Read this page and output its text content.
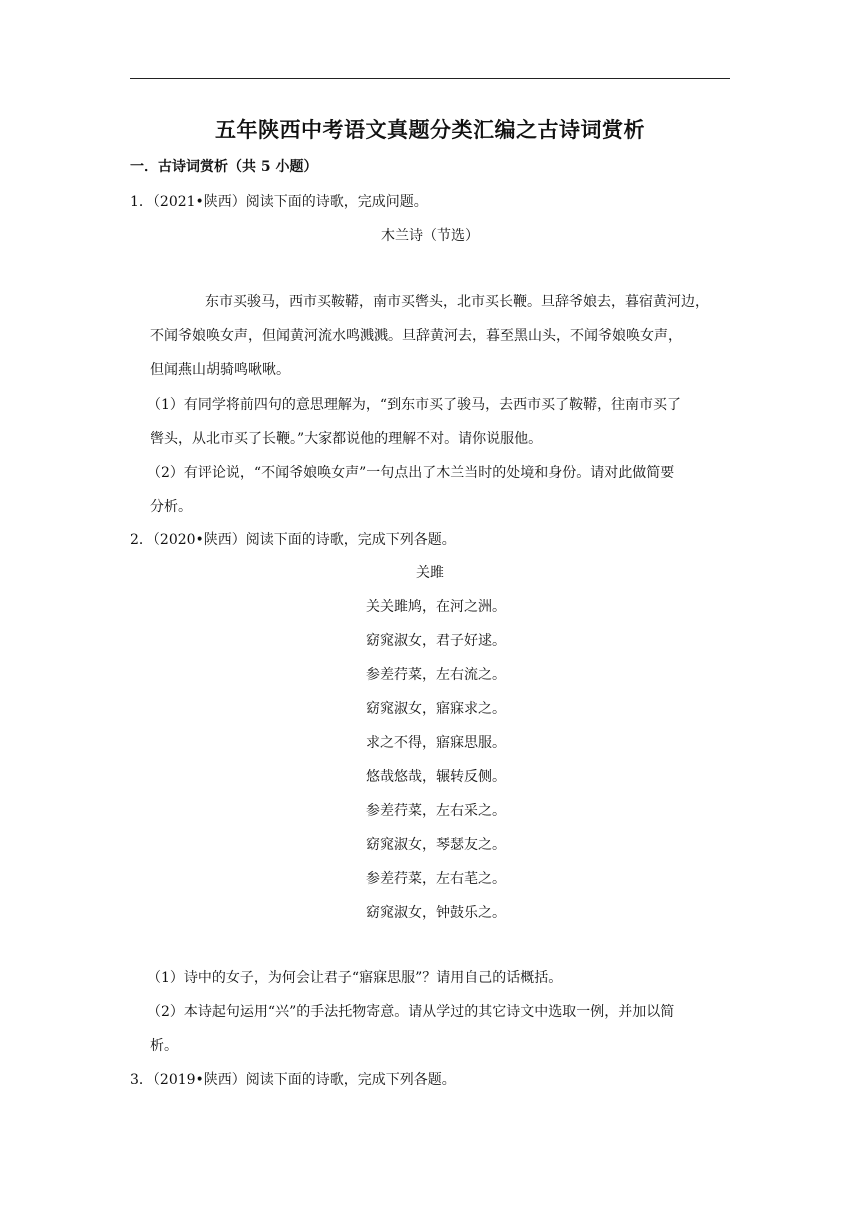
五年陕西中考语文真题分类汇编之古诗词赏析
一．古诗词赏析（共 5 小题）
1．（2021•陕西）阅读下面的诗歌，完成问题。
木兰诗（节选）
东市买骏马，西市买鞍鞯，南市买辔头，北市买长鞭。旦辞爷娘去，暮宿黄河边，
不闻爷娘唤女声，但闻黄河流水鸣溅溅。旦辞黄河去，暮至黑山头，不闻爷娘唤女声，
但闻燕山胡骑鸣啾啾。
（1）有同学将前四句的意思理解为，“到东市买了骏马，去西市买了鞍鞯，往南市买了
辔头，从北市买了长鞭。”大家都说他的理解不对。请你说服他。
（2）有评论说，“不闻爷娘唤女声”一句点出了木兰当时的处境和身份。请对此做简要
分析。
2．（2020•陕西）阅读下面的诗歌，完成下列各题。
关雎
关关雎鸠，在河之洲。
窈窕淑女，君子好逑。
参差荇菜，左右流之。
窈窕淑女，寤寐求之。
求之不得，寤寐思服。
悠哉悠哉，辗转反侧。
参差荇菜，左右采之。
窈窕淑女，琴瑟友之。
参差荇菜，左右芼之。
窈窕淑女，钟鼓乐之。
（1）诗中的女子，为何会让君子“寤寐思服”？请用自己的话概括。
（2）本诗起句运用“兴”的手法托物寄意。请从学过的其它诗文中选取一例，并加以简
析。
3．（2019•陕西）阅读下面的诗歌，完成下列各题。
